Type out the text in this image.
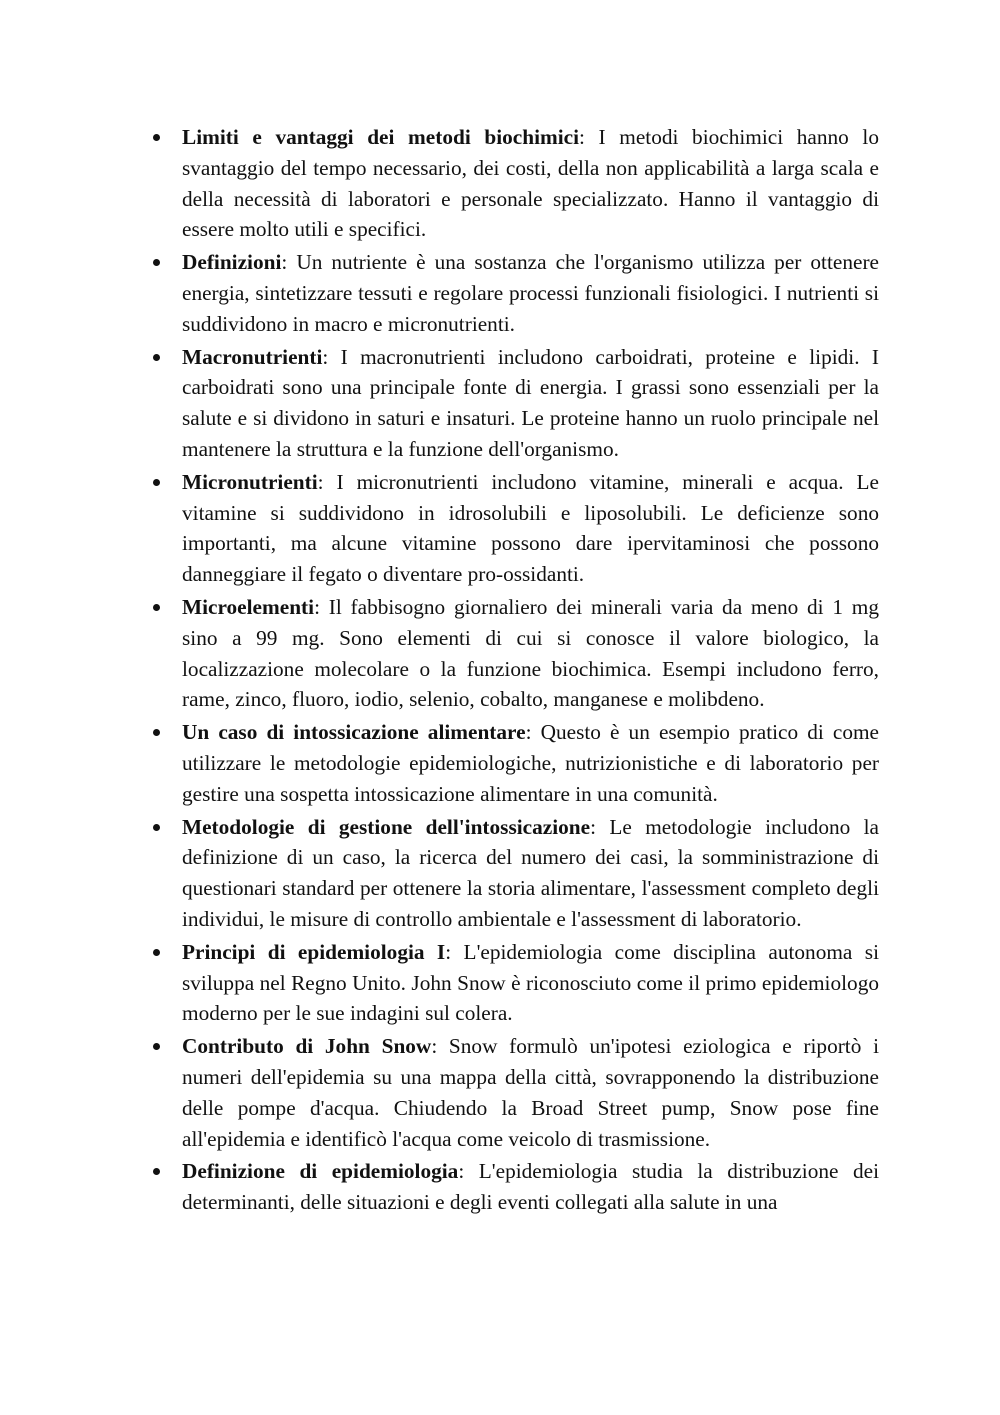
Limiti e vantaggi dei metodi biochimici: I metodi biochimici hanno lo svantaggio del tempo necessario, dei costi, della non applicabilità a larga scala e della necessità di laboratori e personale specializzato. Hanno il vantaggio di essere molto utili e specifici.
Definizioni: Un nutriente è una sostanza che l'organismo utilizza per ottenere energia, sintetizzare tessuti e regolare processi funzionali fisiologici. I nutrienti si suddividono in macro e micronutrienti.
Macronutrienti: I macronutrienti includono carboidrati, proteine e lipidi. I carboidrati sono una principale fonte di energia. I grassi sono essenziali per la salute e si dividono in saturi e insaturi. Le proteine hanno un ruolo principale nel mantenere la struttura e la funzione dell'organismo.
Micronutrienti: I micronutrienti includono vitamine, minerali e acqua. Le vitamine si suddividono in idrosolubili e liposolubili. Le deficienze sono importanti, ma alcune vitamine possono dare ipervitaminosi che possono danneggiare il fegato o diventare pro-ossidanti.
Microelementi: Il fabbisogno giornaliero dei minerali varia da meno di 1 mg sino a 99 mg. Sono elementi di cui si conosce il valore biologico, la localizzazione molecolare o la funzione biochimica. Esempi includono ferro, rame, zinco, fluoro, iodio, selenio, cobalto, manganese e molibdeno.
Un caso di intossicazione alimentare: Questo è un esempio pratico di come utilizzare le metodologie epidemiologiche, nutrizionistiche e di laboratorio per gestire una sospetta intossicazione alimentare in una comunità.
Metodologie di gestione dell'intossicazione: Le metodologie includono la definizione di un caso, la ricerca del numero dei casi, la somministrazione di questionari standard per ottenere la storia alimentare, l'assessment completo degli individui, le misure di controllo ambientale e l'assessment di laboratorio.
Principi di epidemiologia I: L'epidemiologia come disciplina autonoma si sviluppa nel Regno Unito. John Snow è riconosciuto come il primo epidemiologo moderno per le sue indagini sul colera.
Contributo di John Snow: Snow formulò un'ipotesi eziologica e riportò i numeri dell'epidemia su una mappa della città, sovrapponendo la distribuzione delle pompe d'acqua. Chiudendo la Broad Street pump, Snow pose fine all'epidemia e identificò l'acqua come veicolo di trasmissione.
Definizione di epidemiologia: L'epidemiologia studia la distribuzione dei determinanti, delle situazioni e degli eventi collegati alla salute in una
